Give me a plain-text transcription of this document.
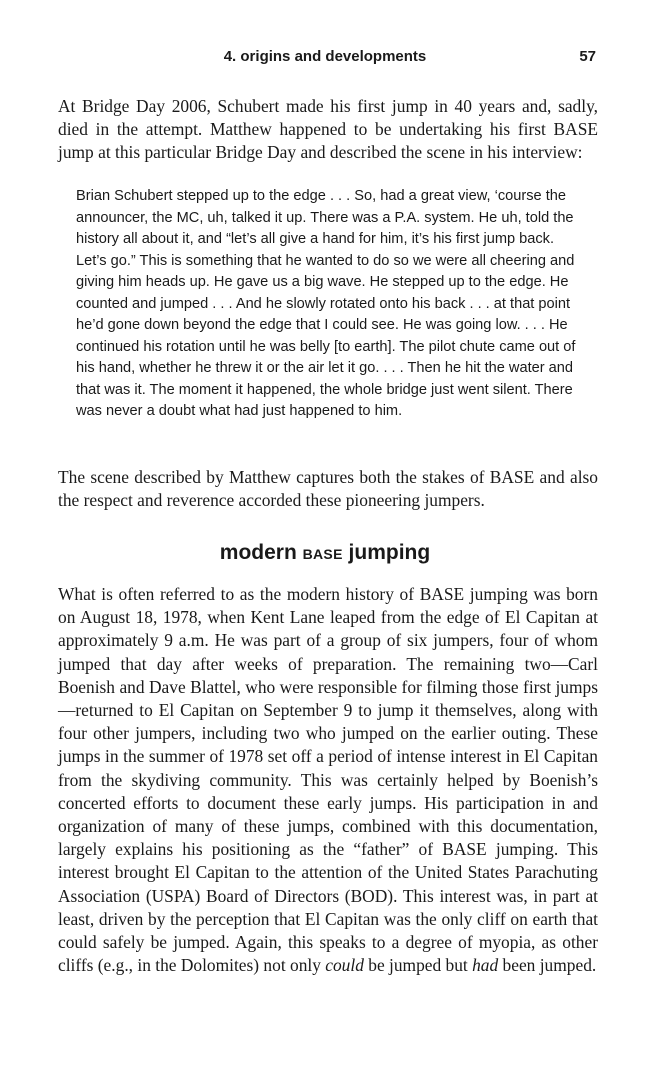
4. origins and developments	57

At Bridge Day 2006, Schubert made his first jump in 40 years and, sadly, died in the attempt. Matthew happened to be undertaking his first BASE jump at this particular Bridge Day and described the scene in his interview:

Brian Schubert stepped up to the edge . . . So, had a great view, ‘course the announcer, the MC, uh, talked it up. There was a P.A. system. He uh, told the history all about it, and “let’s all give a hand for him, it’s his first jump back. Let’s go.” This is something that he wanted to do so we were all cheering and giving him heads up. He gave us a big wave. He stepped up to the edge. He counted and jumped . . . And he slowly rotated onto his back . . . at that point he’d gone down beyond the edge that I could see. He was going low. . . . He continued his rotation until he was belly [to earth]. The pilot chute came out of his hand, whether he threw it or the air let it go. . . . Then he hit the water and that was it. The moment it happened, the whole bridge just went silent. There was never a doubt what had just happened to him.

The scene described by Matthew captures both the stakes of BASE and also the respect and reverence accorded these pioneering jumpers.

modern BASE jumping

What is often referred to as the modern history of BASE jumping was born on August 18, 1978, when Kent Lane leaped from the edge of El Capitan at approximately 9 a.m. He was part of a group of six jumpers, four of whom jumped that day after weeks of preparation. The remaining two—Carl Boenish and Dave Blattel, who were responsible for filming those first jumps—returned to El Capitan on September 9 to jump it themselves, along with four other jumpers, including two who jumped on the earlier outing. These jumps in the summer of 1978 set off a period of intense interest in El Capitan from the skydiving community. This was certainly helped by Boenish’s concerted efforts to document these early jumps. His participation in and organization of many of these jumps, combined with this documentation, largely explains his positioning as the “father” of BASE jumping. This interest brought El Capitan to the attention of the United States Parachuting Association (USPA) Board of Directors (BOD). This interest was, in part at least, driven by the perception that El Capitan was the only cliff on earth that could safely be jumped. Again, this speaks to a degree of myopia, as other cliffs (e.g., in the Dolomites) not only could be jumped but had been jumped.
